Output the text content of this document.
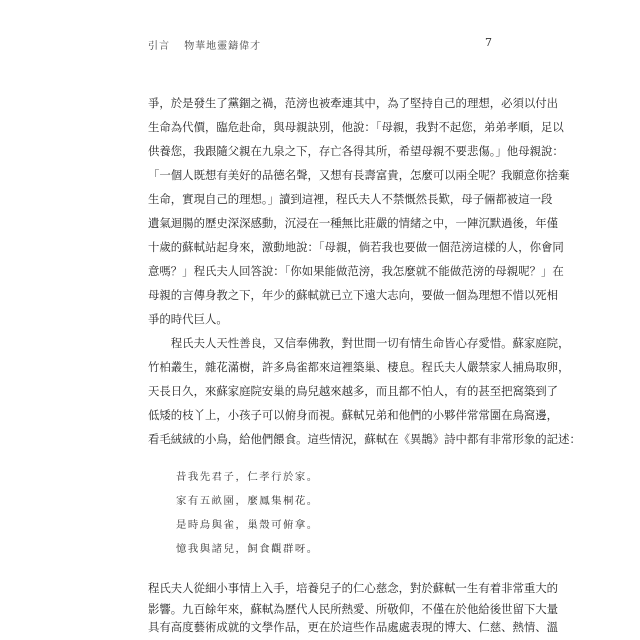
引言 物華地靈鑄偉才	7
爭，於是發生了黨錮之禍，范滂也被牽連其中，為了堅持自己的理想，必須以付出
生命為代價，臨危赴命，與母親訣別，他說：「母親，我對不起您，弟弟孝順，足以
供養您，我跟隨父親在九泉之下，存亡各得其所，希望母親不要悲傷。」他母親說：
「一個人既想有美好的品德名聲，又想有長壽富貴，怎麼可以兩全呢？我願意你捨棄
生命，實現自己的理想。」讀到這裡，程氏夫人不禁慨然長歎，母子倆都被這一段
遺氣迴腸的歷史深深感動，沉浸在一種無比莊嚴的情緒之中，一陣沉默過後，年僅
十歲的蘇軾站起身來，激動地說：「母親，倘若我也要做一個范滂這樣的人，你會同
意嗎？」程氏夫人回答說：「你如果能做范滂，我怎麼就不能做范滂的母親呢？」在
母親的言傳身教之下，年少的蘇軾就已立下遠大志向，要做一個為理想不惜以死相
爭的時代巨人。
　　程氏夫人天性善良，又信奉佛教，對世間一切有情生命皆心存愛惜。蘇家庭院，
竹柏叢生，雜花滿樹，許多鳥雀都來這裡築巢、棲息。程氏夫人嚴禁家人捕鳥取卵，
天長日久，來蘇家庭院安巢的鳥兒越來越多，而且都不怕人，有的甚至把窩築到了
低矮的枝丫上，小孩子可以俯身而視。蘇軾兄弟和他們的小夥伴常常圍在鳥窩邊，
看毛絨絨的小鳥，給他們餵食。這些情況，蘇軾在《異鵲》詩中都有非常形象的記述：
昔我先君子，仁孝行於家。
家有五畝園，麼鳳集桐花。
是時烏與雀，巢殼可俯拿。
憶我與諸兒，飼食觀群呀。
程氏夫人從細小事情上入手，培養兒子的仁心慈念，對於蘇軾一生有着非常重大的
影響。九百餘年來，蘇軾為歷代人民所熱愛、所敬仰，不僅在於他給後世留下大量
具有高度藝術成就的文學作品，更在於這些作品處處表現的博大、仁慈、熱情、溫
